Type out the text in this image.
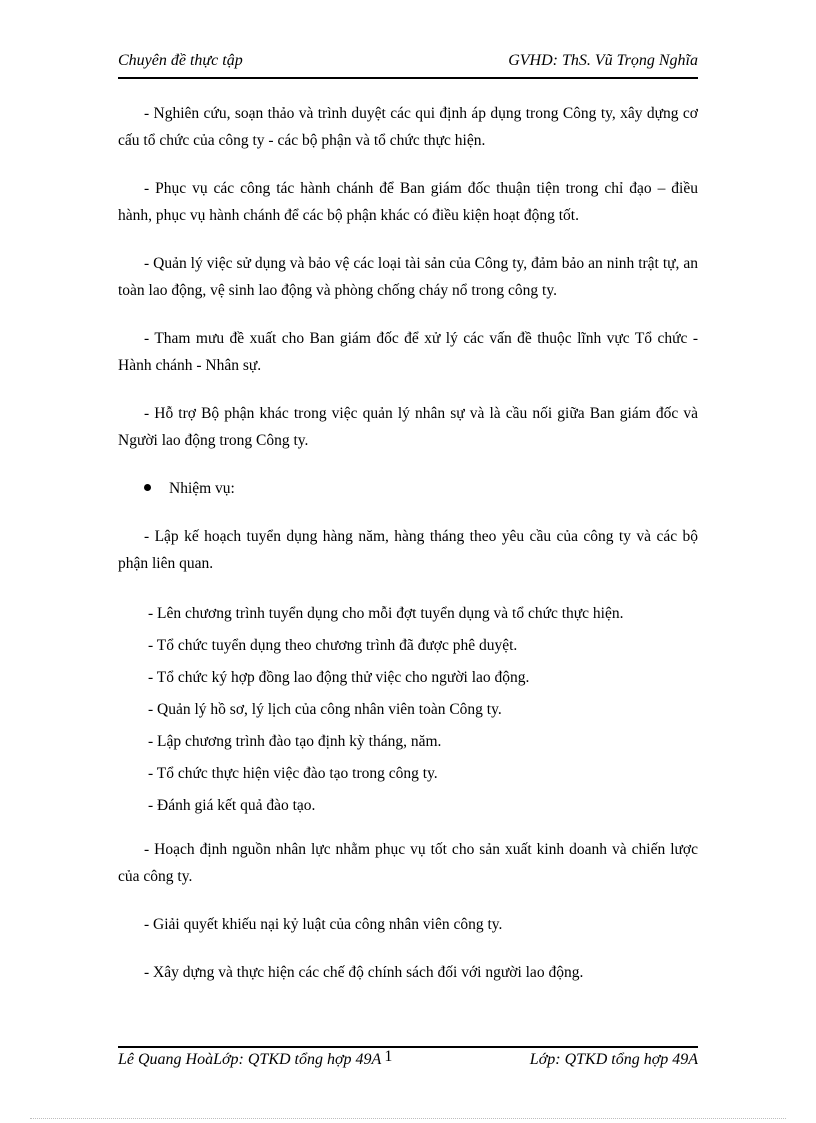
Chuyên đề thực tập	GVHD: ThS. Vũ Trọng Nghĩa

- Nghiên cứu, soạn thảo và trình duyệt các qui định áp dụng trong Công ty, xây dựng cơ cấu tổ chức của công ty - các bộ phận và tổ chức thực hiện.

- Phục vụ các công tác hành chánh để Ban giám đốc thuận tiện trong chỉ đạo – điều hành, phục vụ hành chánh để các bộ phận khác có điều kiện hoạt động tốt.

- Quản lý việc sử dụng và bảo vệ các loại tài sản của Công ty, đảm bảo an ninh trật tự, an toàn lao động, vệ sinh lao động và phòng chống cháy nổ trong công ty.

- Tham mưu đề xuất cho Ban giám đốc để xử lý các vấn đề thuộc lĩnh vực Tổ chức - Hành chánh - Nhân sự.

- Hỗ trợ Bộ phận khác trong việc quản lý nhân sự và là cầu nối giữa Ban giám đốc và Người lao động trong Công ty.

Nhiệm vụ:

- Lập kế hoạch tuyển dụng hàng năm, hàng tháng theo yêu cầu của công ty và các bộ phận liên quan.

- Lên chương trình tuyển dụng cho mỗi đợt tuyển dụng và tổ chức thực hiện.

- Tổ chức tuyển dụng theo chương trình đã được phê duyệt.

- Tổ chức ký hợp đồng lao động thử việc cho người lao động.

- Quản lý hồ sơ, lý lịch của công nhân viên toàn Công ty.

- Lập chương trình đào tạo định kỳ tháng, năm.

- Tổ chức thực hiện việc đào tạo trong công ty.

- Đánh giá kết quả đào tạo.

- Hoạch định nguồn nhân lực nhằm phục vụ tốt cho sản xuất kinh doanh và chiến lược của công ty.

- Giải quyết khiếu nại kỷ luật của công nhân viên công ty.

- Xây dựng và thực hiện các chế độ chính sách đối với người lao động.

Lê Quang HoàLớp: QTKD tổng hợp 49A 1	Lớp: QTKD tổng hợp 49A
